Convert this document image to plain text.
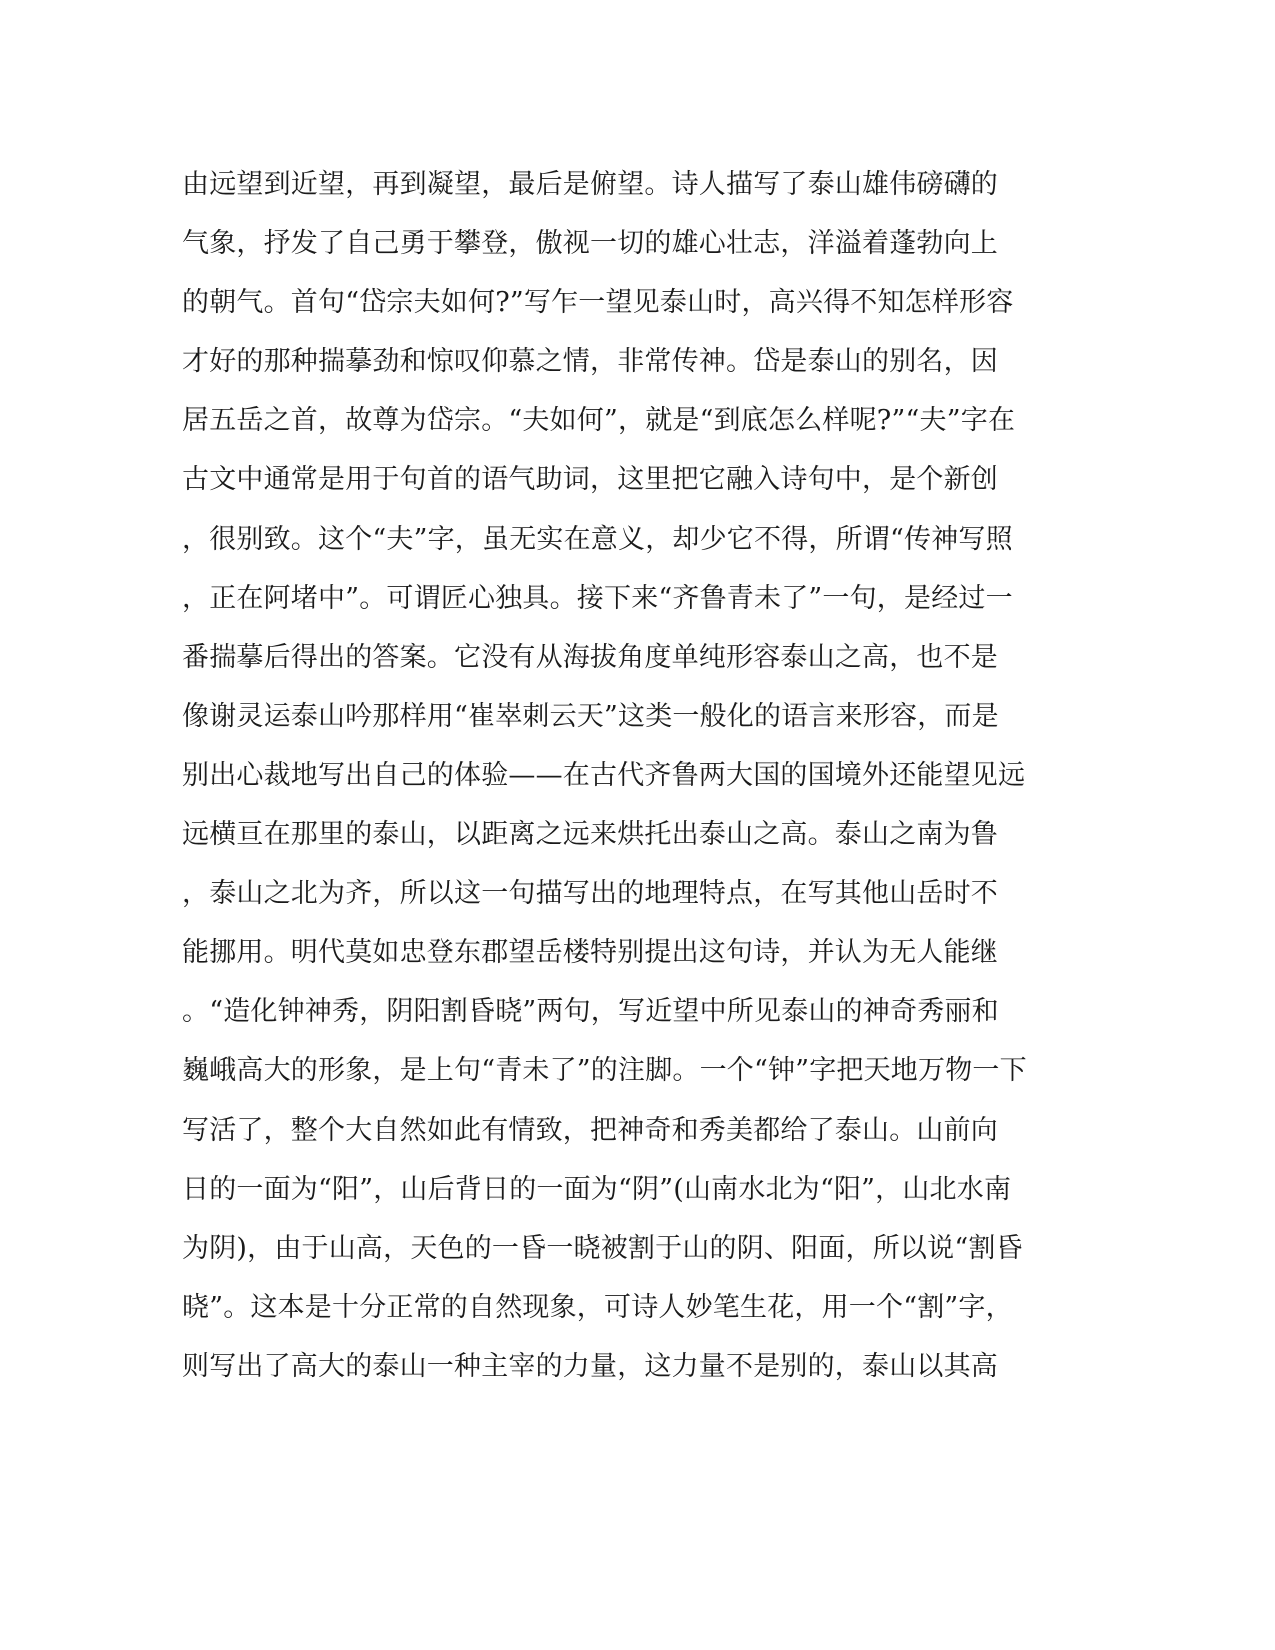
由远望到近望，再到凝望，最后是俯望。诗人描写了泰山雄伟磅礴的
气象，抒发了自己勇于攀登，傲视一切的雄心壮志，洋溢着蓬勃向上
的朝气。首句“岱宗夫如何?”写乍一望见泰山时，高兴得不知怎样形容
才好的那种揣摹劲和惊叹仰慕之情，非常传神。岱是泰山的别名，因
居五岳之首，故尊为岱宗。“夫如何”，就是“到底怎么样呢?”“夫”字在
古文中通常是用于句首的语气助词，这里把它融入诗句中，是个新创
，很别致。这个“夫”字，虽无实在意义，却少它不得，所谓“传神写照
，正在阿堵中”。可谓匠心独具。接下来“齐鲁青未了”一句，是经过一
番揣摹后得出的答案。它没有从海拔角度单纯形容泰山之高，也不是
像谢灵运泰山吟那样用“崔崒刺云天”这类一般化的语言来形容，而是
别出心裁地写出自己的体验——在古代齐鲁两大国的国境外还能望见远
远横亘在那里的泰山，以距离之远来烘托出泰山之高。泰山之南为鲁
，泰山之北为齐，所以这一句描写出的地理特点，在写其他山岳时不
能挪用。明代莫如忠登东郡望岳楼特别提出这句诗，并认为无人能继
。“造化钟神秀，阴阳割昏晓”两句，写近望中所见泰山的神奇秀丽和
巍峨高大的形象，是上句“青未了”的注脚。一个“钟”字把天地万物一下
写活了，整个大自然如此有情致，把神奇和秀美都给了泰山。山前向
日的一面为“阳”，山后背日的一面为“阴”(山南水北为“阳”，山北水南
为阴)，由于山高，天色的一昏一晓被割于山的阴、阳面，所以说“割昏
晓”。这本是十分正常的自然现象，可诗人妙笔生花，用一个“割”字，
则写出了高大的泰山一种主宰的力量，这力量不是别的，泰山以其高
